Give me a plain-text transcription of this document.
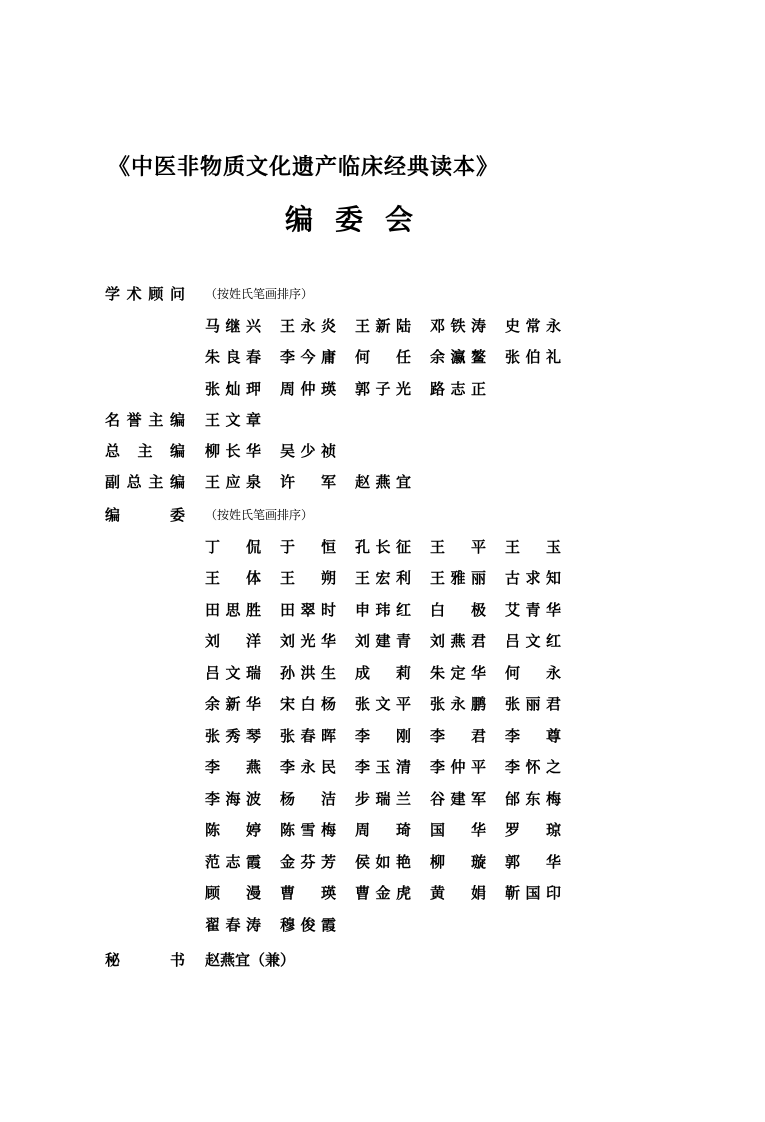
《中医非物质文化遗产临床经典读本》
编委会
学术顾问 （按姓氏笔画排序）
马继兴 王永炎 王新陆 邓铁涛 史常永
朱良春 李今庸 何任 余瀛鳌 张伯礼
张灿玾 周仲瑛 郭子光 路志正
名誉主编 王文章
总主编 柳长华 吴少祯
副总主编 王应泉 许军 赵燕宜
编委 （按姓氏笔画排序）
丁侃 于恒 孔长征 王平 王玉
王体 王朔 王宏利 王雅丽 古求知
田思胜 田翠时 申玮红 白极 艾青华
刘洋 刘光华 刘建青 刘燕君 吕文红
吕文瑞 孙洪生 成莉 朱定华 何永
余新华 宋白杨 张文平 张永鹏 张丽君
张秀琴 张春晖 李刚 李君 李尊
李燕 李永民 李玉清 李仲平 李怀之
李海波 杨洁 步瑞兰 谷建军 邰东梅
陈婷 陈雪梅 周琦 国华 罗琼
范志霞 金芬芳 侯如艳 柳璇 郭华
顾漫 曹瑛 曹金虎 黄娟 靳国印
翟春涛 穆俊霞
秘书 赵燕宜（兼）
